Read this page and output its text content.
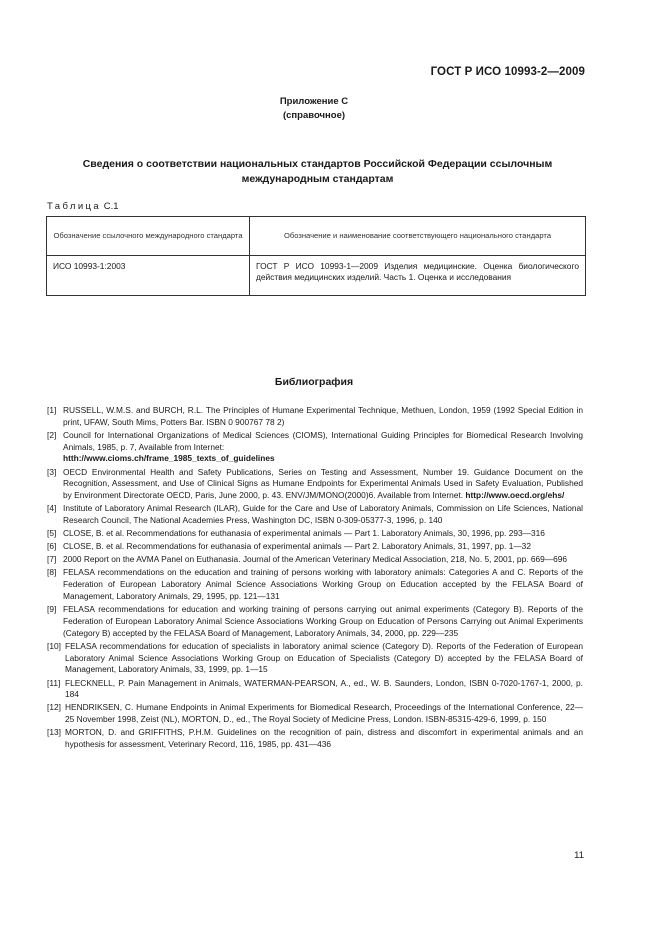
ГОСТ Р ИСО 10993-2—2009
Приложение С
(справочное)
Сведения о соответствии национальных стандартов Российской Федерации ссылочным международным стандартам
Таблица С.1
Обозначение ссылочного международного стандарта	Обозначение и наименование соответствующего национального стандарта
ИСО 10993-1:2003	ГОСТ Р ИСО 10993-1—2009 Изделия медицинские. Оценка биологического действия медицинских изделий. Часть 1. Оценка и исследования
Библиография
[1] RUSSELL, W.M.S. and BURCH, R.L. The Principles of Humane Experimental Technique, Methuen, London, 1959 (1992 Special Edition in print, UFAW, South Mims, Potters Bar. ISBN 0 900767 78 2)
[2] Council for International Organizations of Medical Sciences (CIOMS), International Guiding Principles for Biomedical Research Involving Animals, 1985, p. 7, Available from Internet:
htth://www.cioms.ch/frame_1985_texts_of_guidelines
[3] OECD Environmental Health and Safety Publications, Series on Testing and Assessment, Number 19. Guidance Document on the Recognition, Assessment, and Use of Clinical Signs as Humane Endpoints for Experimental Animals Used in Safety Evaluation, Published by Environment Directorate OECD, Paris, June 2000, p. 43. ENV/JM/MONO(2000)6. Available from Internet. http://www.oecd.org/ehs/
[4] Institute of Laboratory Animal Research (ILAR), Guide for the Care and Use of Laboratory Animals, Commission on Life Sciences, National Research Council, The National Academies Press, Washington DC, ISBN 0-309-05377-3, 1996, p. 140
[5] CLOSE, B. et al. Recommendations for euthanasia of experimental animals — Part 1. Laboratory Animals, 30, 1996, pp. 293—316
[6] CLOSE, B. et al. Recommendations for euthanasia of experimental animals — Part 2. Laboratory Animals, 31, 1997, pp. 1—32
[7] 2000 Report on the AVMA Panel on Euthanasia. Journal of the American Veterinary Medical Association, 218, No. 5, 2001, pp. 669—696
[8] FELASA recommendations on the education and training of persons working with laboratory animals: Categories A and C. Reports of the Federation of European Laboratory Animal Science Associations Working Group on Education accepted by the FELASA Board of Management, Laboratory Animals, 29, 1995, pp. 121—131
[9] FELASA recommendations for education and working training of persons carrying out animal experiments (Category B). Reports of the Federation of European Laboratory Animal Science Associations Working Group on Education of Persons Carrying out Animal Experiments (Category B) accepted by the FELASA Board of Management, Laboratory Animals, 34, 2000, pp. 229—235
[10] FELASA recommendations for education of specialists in laboratory animal science (Category D). Reports of the Federation of European Laboratory Animal Science Associations Working Group on Education of Specialists (Category D) accepted by the FELASA Board of Management, Laboratory Animals, 33, 1999, pp. 1—15
[11] FLECKNELL, P. Pain Management in Animals, WATERMAN-PEARSON, A., ed., W. B. Saunders, London, ISBN 0-7020-1767-1, 2000, p. 184
[12] HENDRIKSEN, C. Humane Endpoints in Animal Experiments for Biomedical Research, Proceedings of the International Conference, 22—25 November 1998, Zeist (NL), MORTON, D., ed., The Royal Society of Medicine Press, London. ISBN-85315-429-6, 1999, p. 150
[13] MORTON, D. and GRIFFITHS, P.H.M. Guidelines on the recognition of pain, distress and discomfort in experimental animals and an hypothesis for assessment, Veterinary Record, 116, 1985, pp. 431—436
11
